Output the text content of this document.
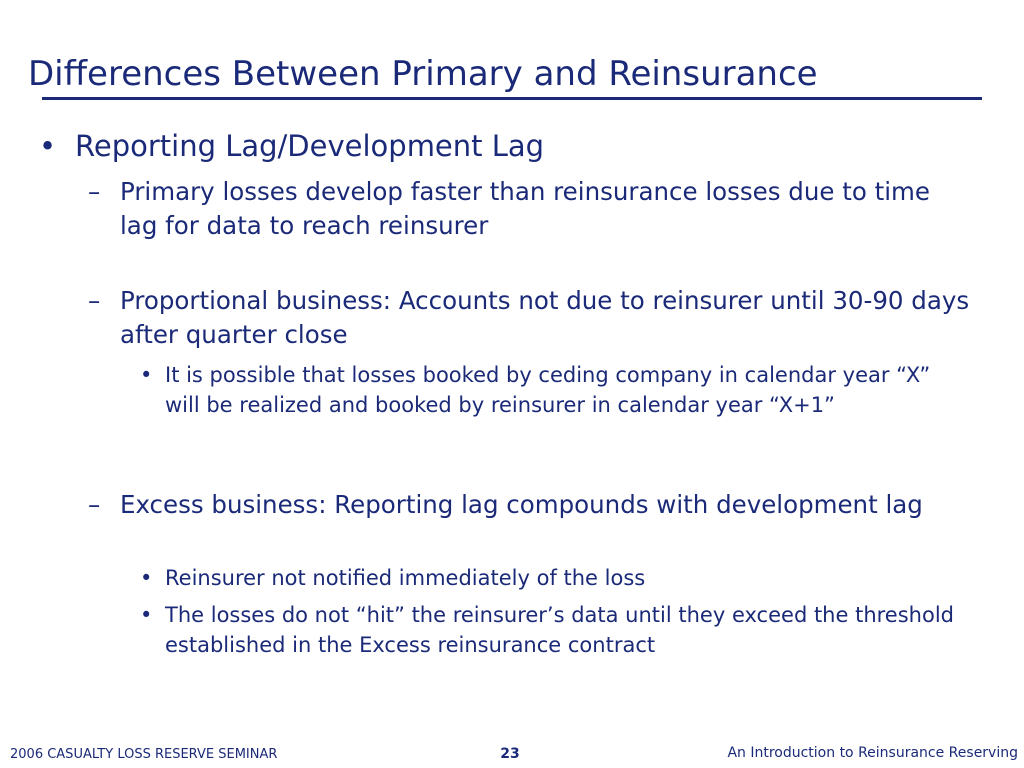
Differences Between Primary and Reinsurance
• Reporting Lag/Development Lag
– Primary losses develop faster than reinsurance losses due to time lag for data to reach reinsurer
– Proportional business: Accounts not due to reinsurer until 30-90 days after quarter close
• It is possible that losses booked by ceding company in calendar year “X” will be realized and booked by reinsurer in calendar year “X+1”
– Excess business: Reporting lag compounds with development lag
• Reinsurer not notified immediately of the loss
• The losses do not “hit” the reinsurer’s data until they exceed the threshold established in the Excess reinsurance contract
2006 CASUALTY LOSS RESERVE SEMINAR	23	An Introduction to Reinsurance Reserving
